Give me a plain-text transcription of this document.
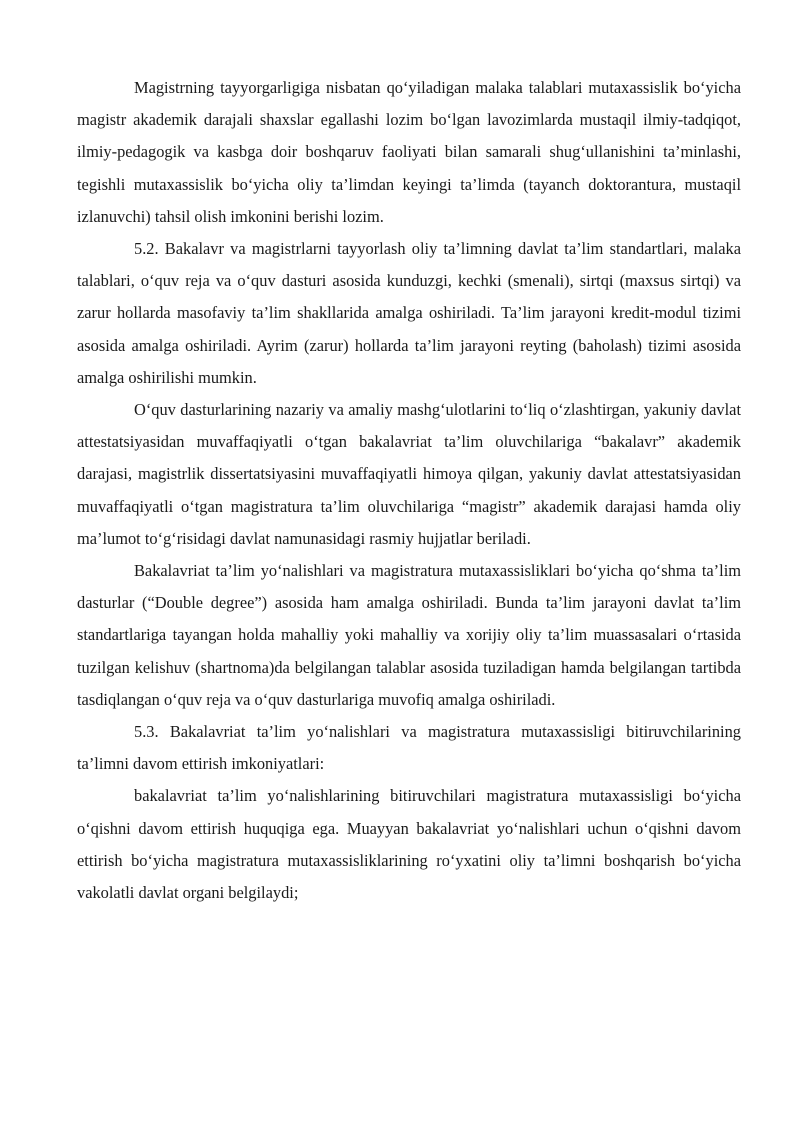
Magistrning tayyorgarligiga nisbatan qo‘yiladigan malaka talablari mutaxassislik bo‘yicha magistr akademik darajali shaxslar egallashi lozim bo‘lgan lavozimlarda mustaqil ilmiy-tadqiqot, ilmiy-pedagogik va kasbga doir boshqaruv faoliyati bilan samarali shug‘ullanishini ta’minlashi, tegishli mutaxassislik bo‘yicha oliy ta’limdan keyingi ta’limda (tayanch doktorantura, mustaqil izlanuvchi) tahsil olish imkonini berishi lozim.

5.2. Bakalavr va magistrlarni tayyorlash oliy ta’limning davlat ta’lim standartlari, malaka talablari, o‘quv reja va o‘quv dasturi asosida kunduzgi, kechki (smenali), sirtqi (maxsus sirtqi) va zarur hollarda masofaviy ta’lim shakllarida amalga oshiriladi. Ta’lim jarayoni kredit-modul tizimi asosida amalga oshiriladi. Ayrim (zarur) hollarda ta’lim jarayoni reyting (baholash) tizimi asosida amalga oshirilishi mumkin.

O‘quv dasturlarining nazariy va amaliy mashg‘ulotlarini to‘liq o‘zlashtirgan, yakuniy davlat attestatsiyasidan muvaffaqiyatli o‘tgan bakalavriat ta’lim oluvchilariga “bakalavr” akademik darajasi, magistrlik dissertatsiyasini muvaffaqiyatli himoya qilgan, yakuniy davlat attestatsiyasidan muvaffaqiyatli o‘tgan magistratura ta’lim oluvchilariga “magistr” akademik darajasi hamda oliy ma’lumot to‘g‘risidagi davlat namunasidagi rasmiy hujjatlar beriladi.

Bakalavriat ta’lim yo‘nalishlari va magistratura mutaxassisliklari bo‘yicha qo‘shma ta’lim dasturlar (“Double degree”) asosida ham amalga oshiriladi. Bunda ta’lim jarayoni davlat ta’lim standartlariga tayangan holda mahalliy yoki mahalliy va xorijiy oliy ta’lim muassasalari o‘rtasida tuzilgan kelishuv (shartnoma)da belgilangan talablar asosida tuziladigan hamda belgilangan tartibda tasdiqlangan o‘quv reja va o‘quv dasturlariga muvofiq amalga oshiriladi.

5.3. Bakalavriat ta’lim yo‘nalishlari va magistratura mutaxassisligi bitiruvchilarining ta’limni davom ettirish imkoniyatlari:

bakalavriat ta’lim yo‘nalishlarining bitiruvchilari magistratura mutaxassisligi bo‘yicha o‘qishni davom ettirish huquqiga ega. Muayyan bakalavriat yo‘nalishlari uchun o‘qishni davom ettirish bo‘yicha magistratura mutaxassisliklarining ro‘yxatini oliy ta’limni boshqarish bo‘yicha vakolatli davlat organi belgilaydi;
